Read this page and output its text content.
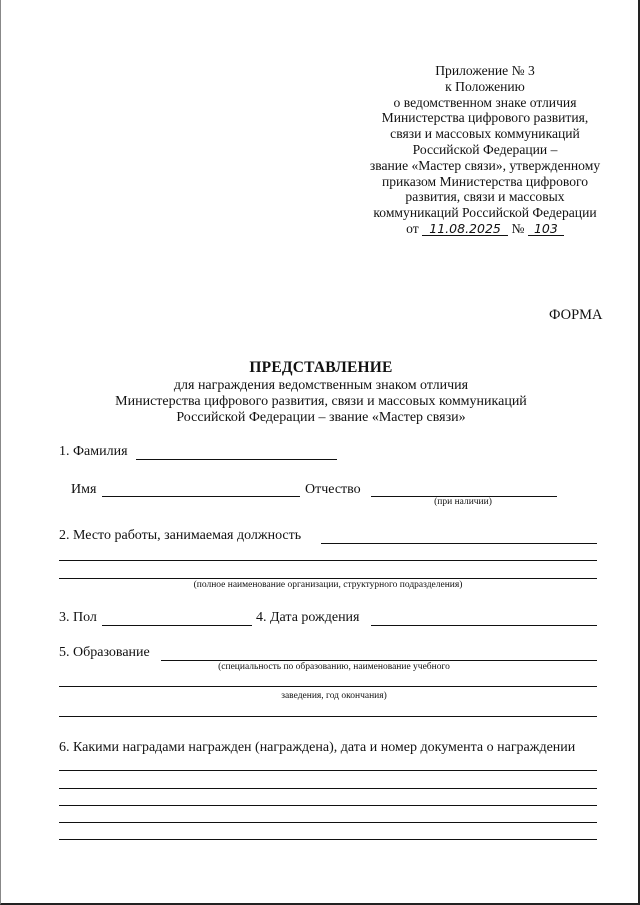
Приложение № 3
к Положению
о ведомственном знаке отличия
Министерства цифрового развития,
связи и массовых коммуникаций
Российской Федерации –
звание «Мастер связи», утвержденному
приказом Министерства цифрового
развития, связи и массовых
коммуникаций Российской Федерации
от 11.08.2025 № 103
ФОРМА
ПРЕДСТАВЛЕНИЕ
для награждения ведомственным знаком отличия
Министерства цифрового развития, связи и массовых коммуникаций
Российской Федерации – звание «Мастер связи»
1. Фамилия
Имя	Отчество
(при наличии)
2. Место работы, занимаемая должность
(полное наименование организации, структурного подразделения)
3. Пол	4. Дата рождения
5. Образование
(специальность по образованию, наименование учебного
заведения, год окончания)
6. Какими наградами награжден (награждена), дата и номер документа о награждении
